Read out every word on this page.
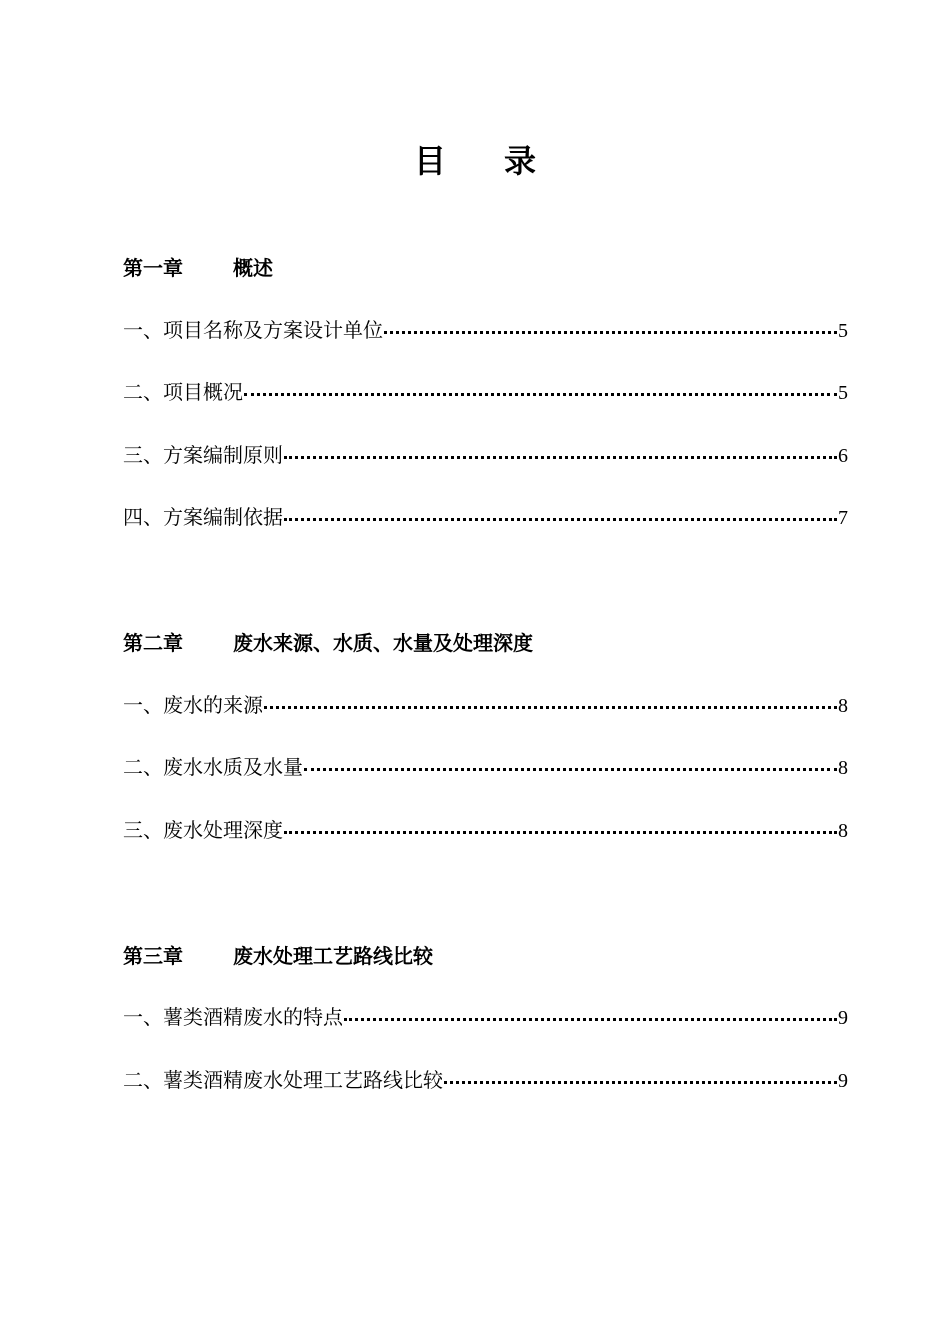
目 录
第一章	概述
一、项目名称及方案设计单位	5
二、项目概况	5
三、方案编制原则	6
四、方案编制依据	7
第二章	废水来源、水质、水量及处理深度
一、废水的来源	8
二、废水水质及水量	8
三、废水处理深度	8
第三章	废水处理工艺路线比较
一、薯类酒精废水的特点	9
二、薯类酒精废水处理工艺路线比较	9
